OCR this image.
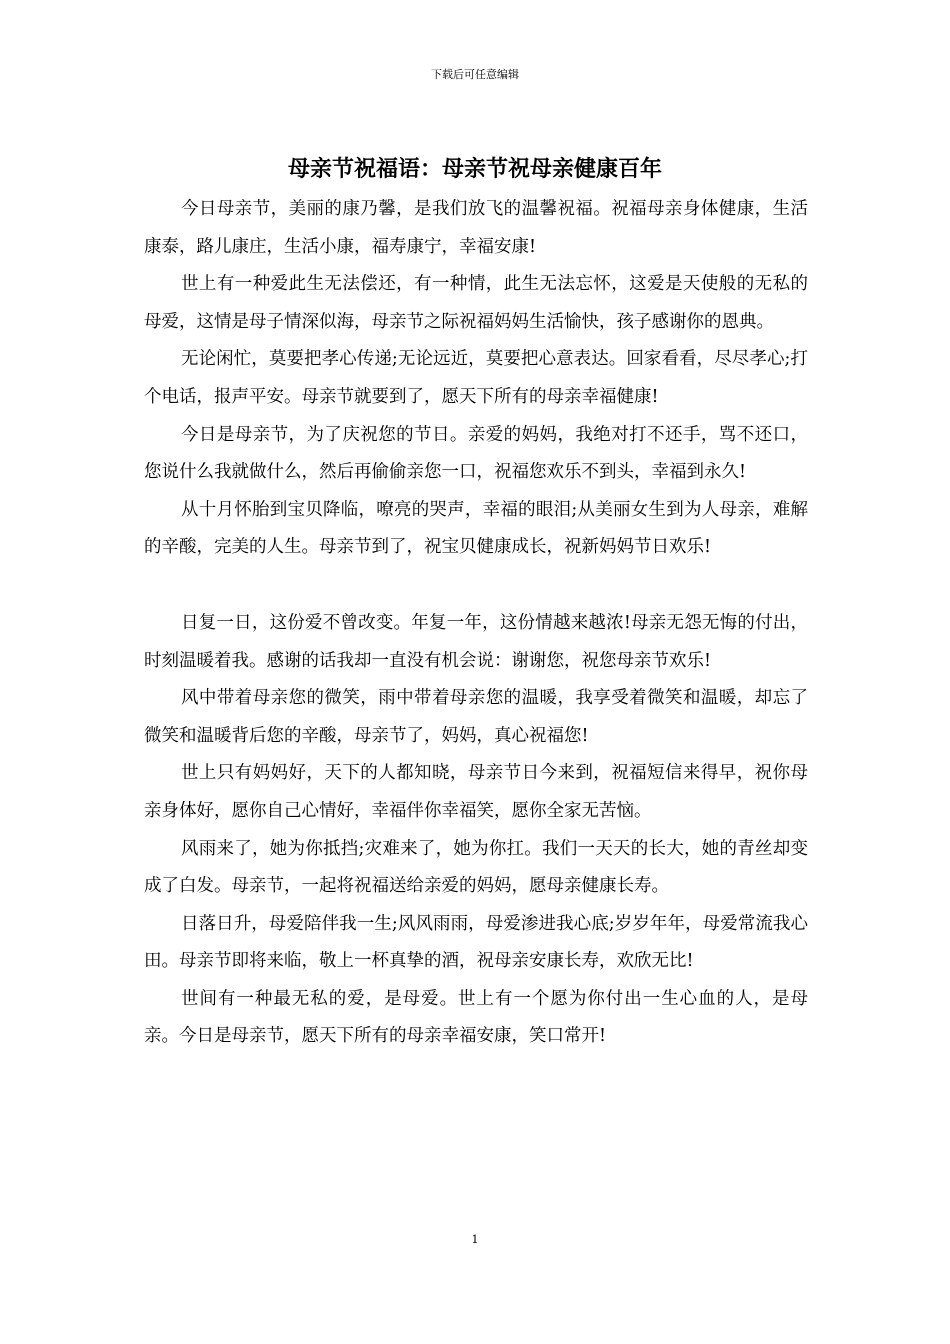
下载后可任意编辑
母亲节祝福语：母亲节祝母亲健康百年

今日母亲节，美丽的康乃馨，是我们放飞的温馨祝福。祝福母亲身体健康，生活康泰，路儿康庄，生活小康，福寿康宁，幸福安康!

世上有一种爱此生无法偿还，有一种情，此生无法忘怀，这爱是天使般的无私的母爱，这情是母子情深似海，母亲节之际祝福妈妈生活愉快，孩子感谢你的恩典。

无论闲忙，莫要把孝心传递;无论远近，莫要把心意表达。回家看看，尽尽孝心;打个电话，报声平安。母亲节就要到了，愿天下所有的母亲幸福健康!

今日是母亲节，为了庆祝您的节日。亲爱的妈妈，我绝对打不还手，骂不还口，您说什么我就做什么，然后再偷偷亲您一口，祝福您欢乐不到头，幸福到永久!

从十月怀胎到宝贝降临，嘹亮的哭声，幸福的眼泪;从美丽女生到为人母亲，难解的辛酸，完美的人生。母亲节到了，祝宝贝健康成长，祝新妈妈节日欢乐!

日复一日，这份爱不曾改变。年复一年，这份情越来越浓!母亲无怨无悔的付出，时刻温暖着我。感谢的话我却一直没有机会说：谢谢您，祝您母亲节欢乐!

风中带着母亲您的微笑，雨中带着母亲您的温暖，我享受着微笑和温暖，却忘了微笑和温暖背后您的辛酸，母亲节了，妈妈，真心祝福您!

世上只有妈妈好，天下的人都知晓，母亲节日今来到，祝福短信来得早，祝你母亲身体好，愿你自己心情好，幸福伴你幸福笑，愿你全家无苦恼。

风雨来了，她为你抵挡;灾难来了，她为你扛。我们一天天的长大，她的青丝却变成了白发。母亲节，一起将祝福送给亲爱的妈妈，愿母亲健康长寿。

日落日升，母爱陪伴我一生;风风雨雨，母爱渗进我心底;岁岁年年，母爱常流我心田。母亲节即将来临，敬上一杯真挚的酒，祝母亲安康长寿，欢欣无比!

世间有一种最无私的爱，是母爱。世上有一个愿为你付出一生心血的人，是母亲。今日是母亲节，愿天下所有的母亲幸福安康，笑口常开!

1
